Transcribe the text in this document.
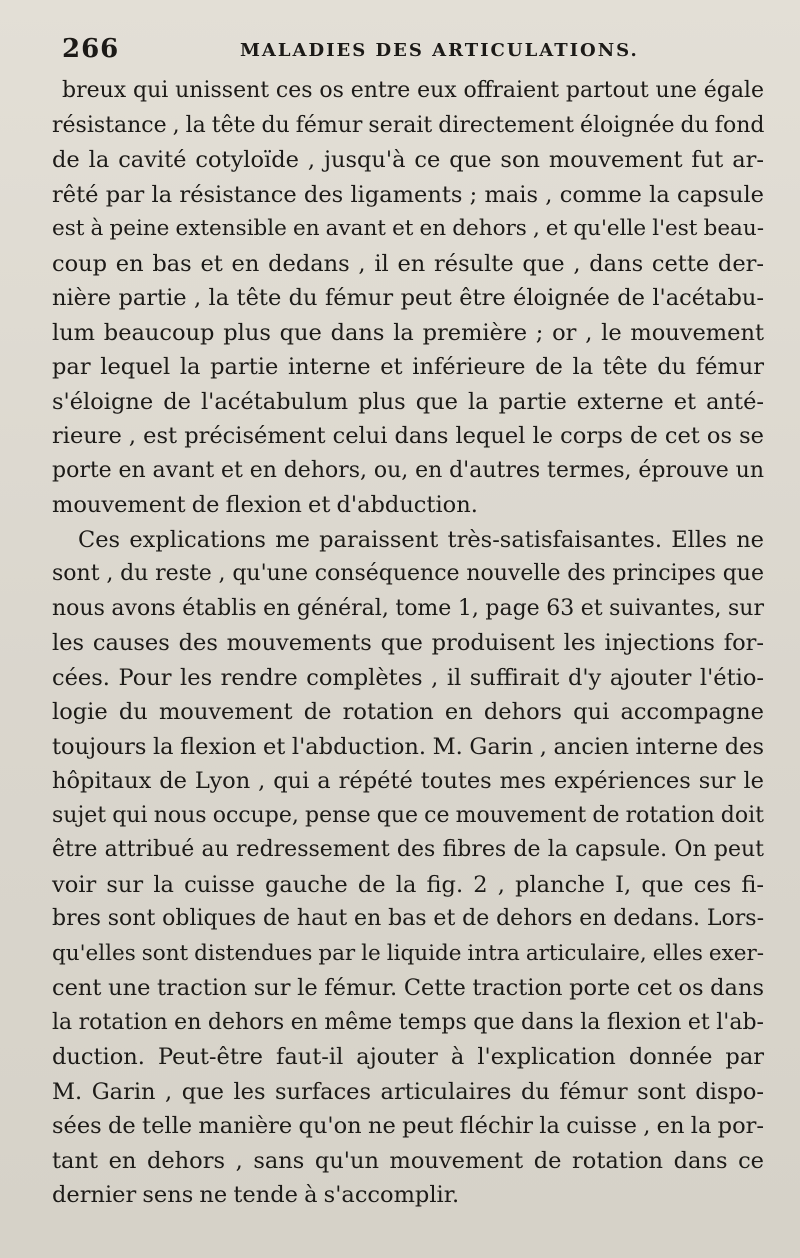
266	MALADIES DES ARTICULATIONS.
breux qui unissent ces os entre eux offraient partout une égale
résistance , la tête du fémur serait directement éloignée du fond
de la cavité cotyloïde , jusqu'à ce que son mouvement fut ar-
rêté par la résistance des ligaments ; mais , comme la capsule
est à peine extensible en avant et en dehors , et qu'elle l'est beau-
coup en bas et en dedans , il en résulte que , dans cette der-
nière partie , la tête du fémur peut être éloignée de l'acétabu-
lum beaucoup plus que dans la première ; or , le mouvement
par lequel la partie interne et inférieure de la tête du fémur
s'éloigne de l'acétabulum plus que la partie externe et anté-
rieure , est précisément celui dans lequel le corps de cet os se
porte en avant et en dehors, ou, en d'autres termes, éprouve un
mouvement de flexion et d'abduction.
Ces explications me paraissent très-satisfaisantes. Elles ne
sont , du reste , qu'une conséquence nouvelle des principes que
nous avons établis en général, tome 1, page 63 et suivantes, sur
les causes des mouvements que produisent les injections for-
cées. Pour les rendre complètes , il suffirait d'y ajouter l'étio-
logie du mouvement de rotation en dehors qui accompagne
toujours la flexion et l'abduction. M. Garin , ancien interne des
hôpitaux de Lyon , qui a répété toutes mes expériences sur le
sujet qui nous occupe, pense que ce mouvement de rotation doit
être attribué au redressement des fibres de la capsule. On peut
voir sur la cuisse gauche de la fig. 2 , planche I, que ces fi-
bres sont obliques de haut en bas et de dehors en dedans. Lors-
qu'elles sont distendues par le liquide intra articulaire, elles exer-
cent une traction sur le fémur. Cette traction porte cet os dans
la rotation en dehors en même temps que dans la flexion et l'ab-
duction. Peut-être faut-il ajouter à l'explication donnée par
M. Garin , que les surfaces articulaires du fémur sont dispo-
sées de telle manière qu'on ne peut fléchir la cuisse , en la por-
tant en dehors , sans qu'un mouvement de rotation dans ce
dernier sens ne tende à s'accomplir.
